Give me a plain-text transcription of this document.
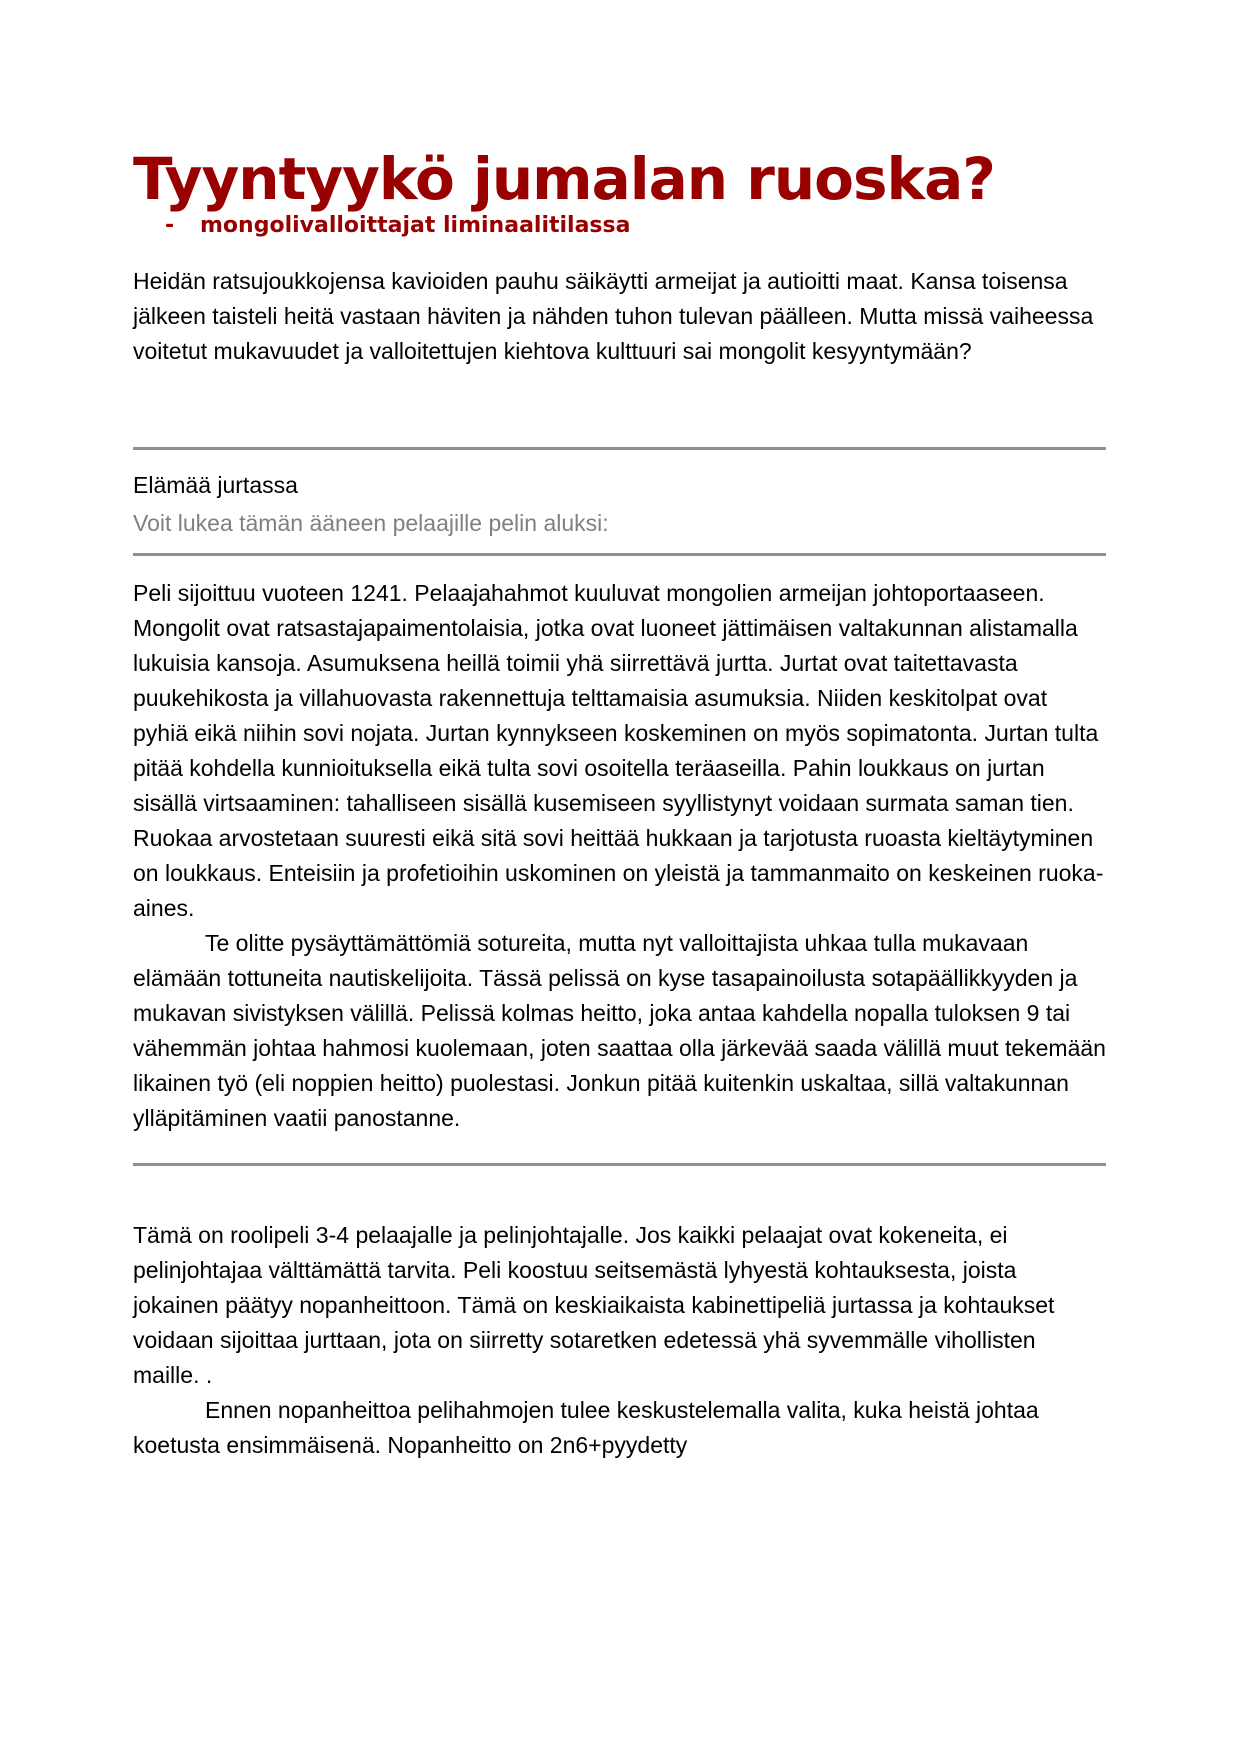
Tyyntyykö jumalan ruoska?
-	mongolivalloittajat liminaalitilassa

Heidän ratsujoukkojensa kavioiden pauhu säikäytti armeijat ja autioitti maat. Kansa toisensa jälkeen taisteli heitä vastaan häviten ja nähden tuhon tulevan päälleen. Mutta missä vaiheessa voitetut mukavuudet ja valloitettujen kiehtova kulttuuri sai mongolit kesyyntymään?

Elämää jurtassa
Voit lukea tämän ääneen pelaajille pelin aluksi:

Peli sijoittuu vuoteen 1241. Pelaajahahmot kuuluvat mongolien armeijan johtoportaaseen. Mongolit ovat ratsastajapaimentolaisia, jotka ovat luoneet jättimäisen valtakunnan alistamalla lukuisia kansoja. Asumuksena heillä toimii yhä siirrettävä jurtta. Jurtat ovat taitettavasta puukehikosta ja villahuovasta rakennettuja telttamaisia asumuksia. Niiden keskitolpat ovat pyhiä eikä niihin sovi nojata. Jurtan kynnykseen koskeminen on myös sopimatonta. Jurtan tulta pitää kohdella kunnioituksella eikä tulta sovi osoitella teräaseilla. Pahin loukkaus on jurtan sisällä virtsaaminen: tahalliseen sisällä kusemiseen syyllistynyt voidaan surmata saman tien. Ruokaa arvostetaan suuresti eikä sitä sovi heittää hukkaan ja tarjotusta ruoasta kieltäytyminen on loukkaus. Enteisiin ja profetioihin uskominen on yleistä ja tammanmaito on keskeinen ruoka-aines.

Te olitte pysäyttämättömiä sotureita, mutta nyt valloittajista uhkaa tulla mukavaan elämään tottuneita nautiskelijoita. Tässä pelissä on kyse tasapainoilusta sotapäällikkyyden ja mukavan sivistyksen välillä. Pelissä kolmas heitto, joka antaa kahdella nopalla tuloksen 9 tai vähemmän johtaa hahmosi kuolemaan, joten saattaa olla järkevää saada välillä muut tekemään likainen työ (eli noppien heitto) puolestasi. Jonkun pitää kuitenkin uskaltaa, sillä valtakunnan ylläpitäminen vaatii panostanne.

Tämä on roolipeli 3-4 pelaajalle ja pelinjohtajalle. Jos kaikki pelaajat ovat kokeneita, ei pelinjohtajaa välttämättä tarvita. Peli koostuu seitsemästä lyhyestä kohtauksesta, joista jokainen päätyy nopanheittoon. Tämä on keskiaikaista kabinettipeliä jurtassa ja kohtaukset voidaan sijoittaa jurttaan, jota on siirretty sotaretken edetessä yhä syvemmälle vihollisten maille. .

Ennen nopanheittoa pelihahmojen tulee keskustelemalla valita, kuka heistä johtaa koetusta ensimmäisenä. Nopanheitto on 2n6+pyydetty
